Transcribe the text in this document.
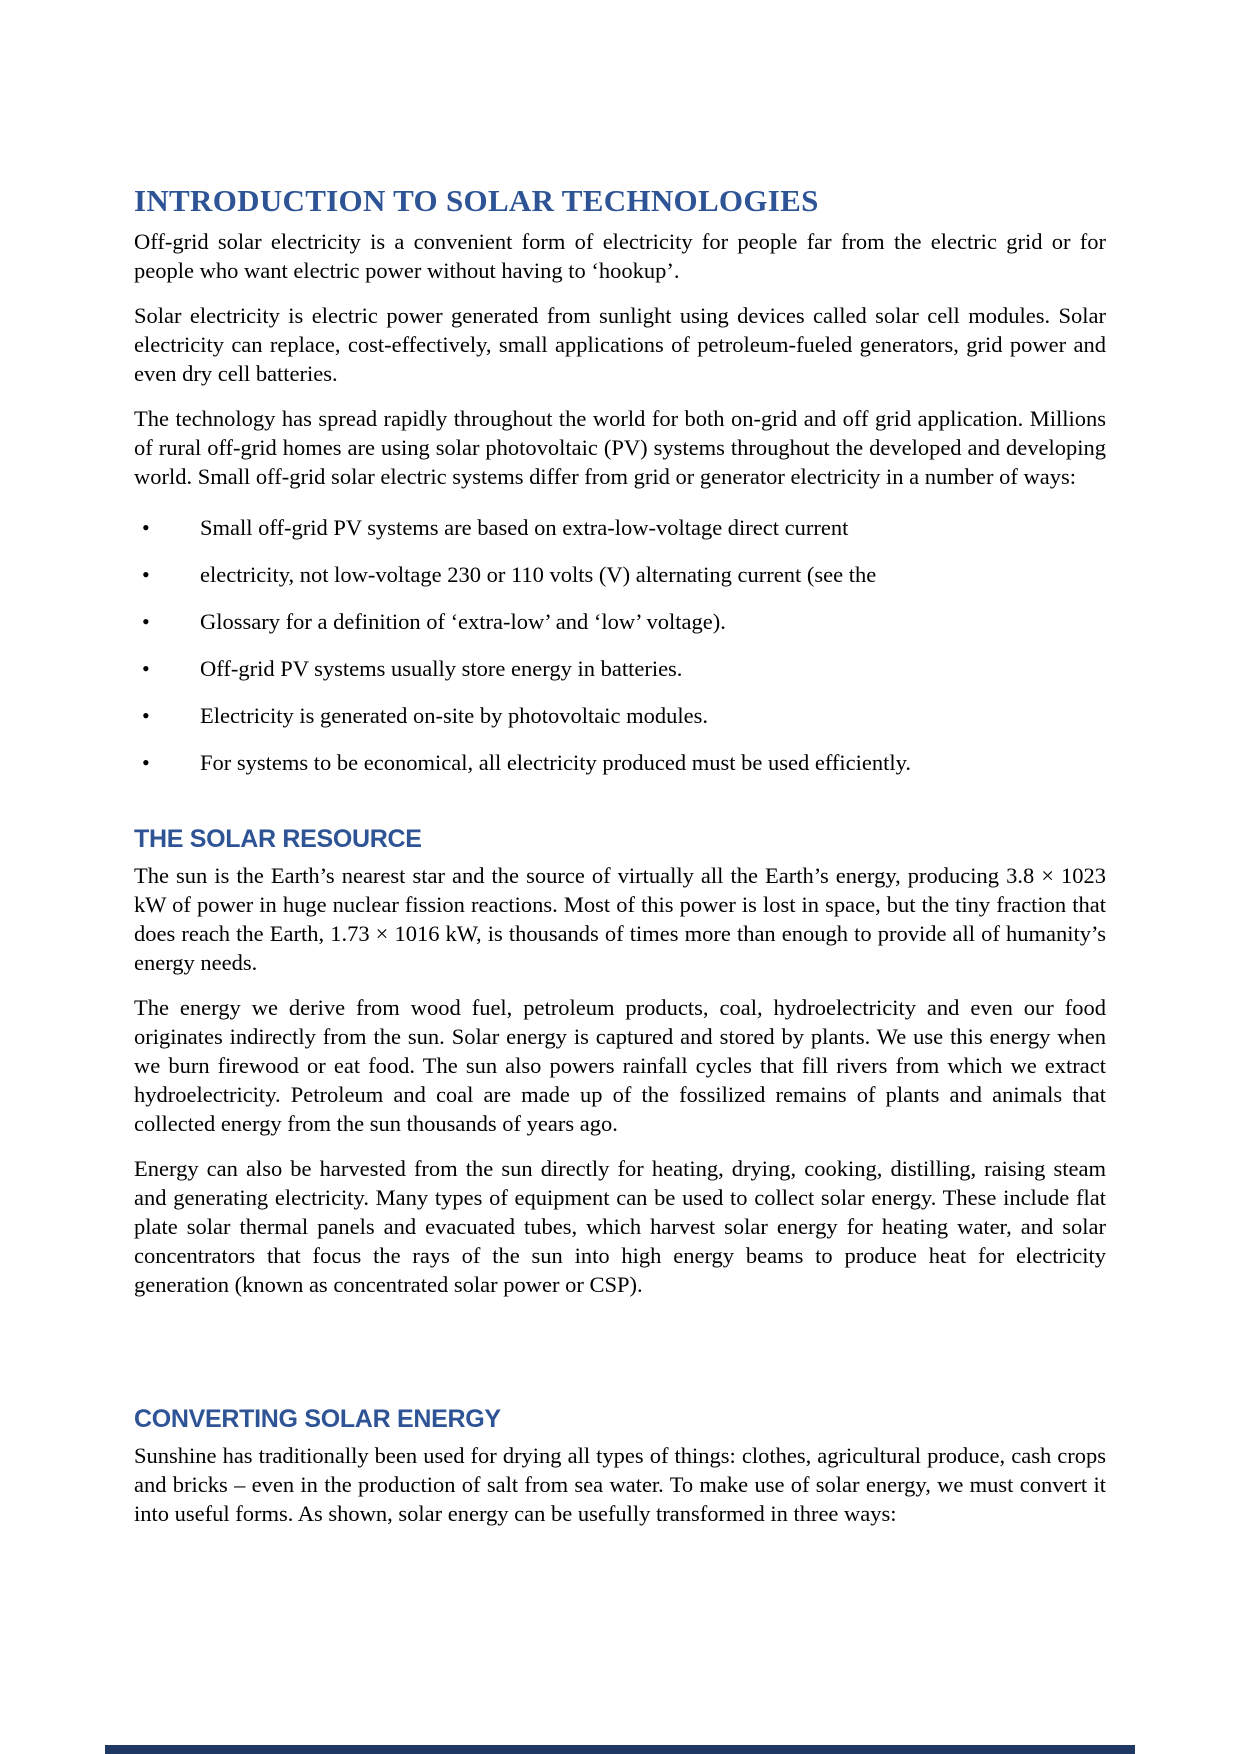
INTRODUCTION TO SOLAR TECHNOLOGIES

Off-grid solar electricity is a convenient form of electricity for people far from the electric grid or for people who want electric power without having to ‘hookup’.

Solar electricity is electric power generated from sunlight using devices called solar cell modules. Solar electricity can replace, cost-effectively, small applications of petroleum-fueled generators, grid power and even dry cell batteries.

The technology has spread rapidly throughout the world for both on-grid and off grid application. Millions of rural off-grid homes are using solar photovoltaic (PV) systems throughout the developed and developing world. Small off-grid solar electric systems differ from grid or generator electricity in a number of ways:

•	Small off-grid PV systems are based on extra-low-voltage direct current
•	electricity, not low-voltage 230 or 110 volts (V) alternating current (see the
•	Glossary for a definition of ‘extra-low’ and ‘low’ voltage).
•	Off-grid PV systems usually store energy in batteries.
•	Electricity is generated on-site by photovoltaic modules.
•	For systems to be economical, all electricity produced must be used efficiently.
THE SOLAR RESOURCE

The sun is the Earth’s nearest star and the source of virtually all the Earth’s energy, producing 3.8 × 1023 kW of power in huge nuclear fission reactions. Most of this power is lost in space, but the tiny fraction that does reach the Earth, 1.73 × 1016 kW, is thousands of times more than enough to provide all of humanity’s energy needs.

The energy we derive from wood fuel, petroleum products, coal, hydroelectricity and even our food originates indirectly from the sun. Solar energy is captured and stored by plants. We use this energy when we burn firewood or eat food. The sun also powers rainfall cycles that fill rivers from which we extract hydroelectricity. Petroleum and coal are made up of the fossilized remains of plants and animals that collected energy from the sun thousands of years ago.

Energy can also be harvested from the sun directly for heating, drying, cooking, distilling, raising steam and generating electricity. Many types of equipment can be used to collect solar energy. These include flat plate solar thermal panels and evacuated tubes, which harvest solar energy for heating water, and solar concentrators that focus the rays of the sun into high energy beams to produce heat for electricity generation (known as concentrated solar power or CSP).

CONVERTING SOLAR ENERGY

Sunshine has traditionally been used for drying all types of things: clothes, agricultural produce, cash crops and bricks – even in the production of salt from sea water. To make use of solar energy, we must convert it into useful forms. As shown, solar energy can be usefully transformed in three ways:
